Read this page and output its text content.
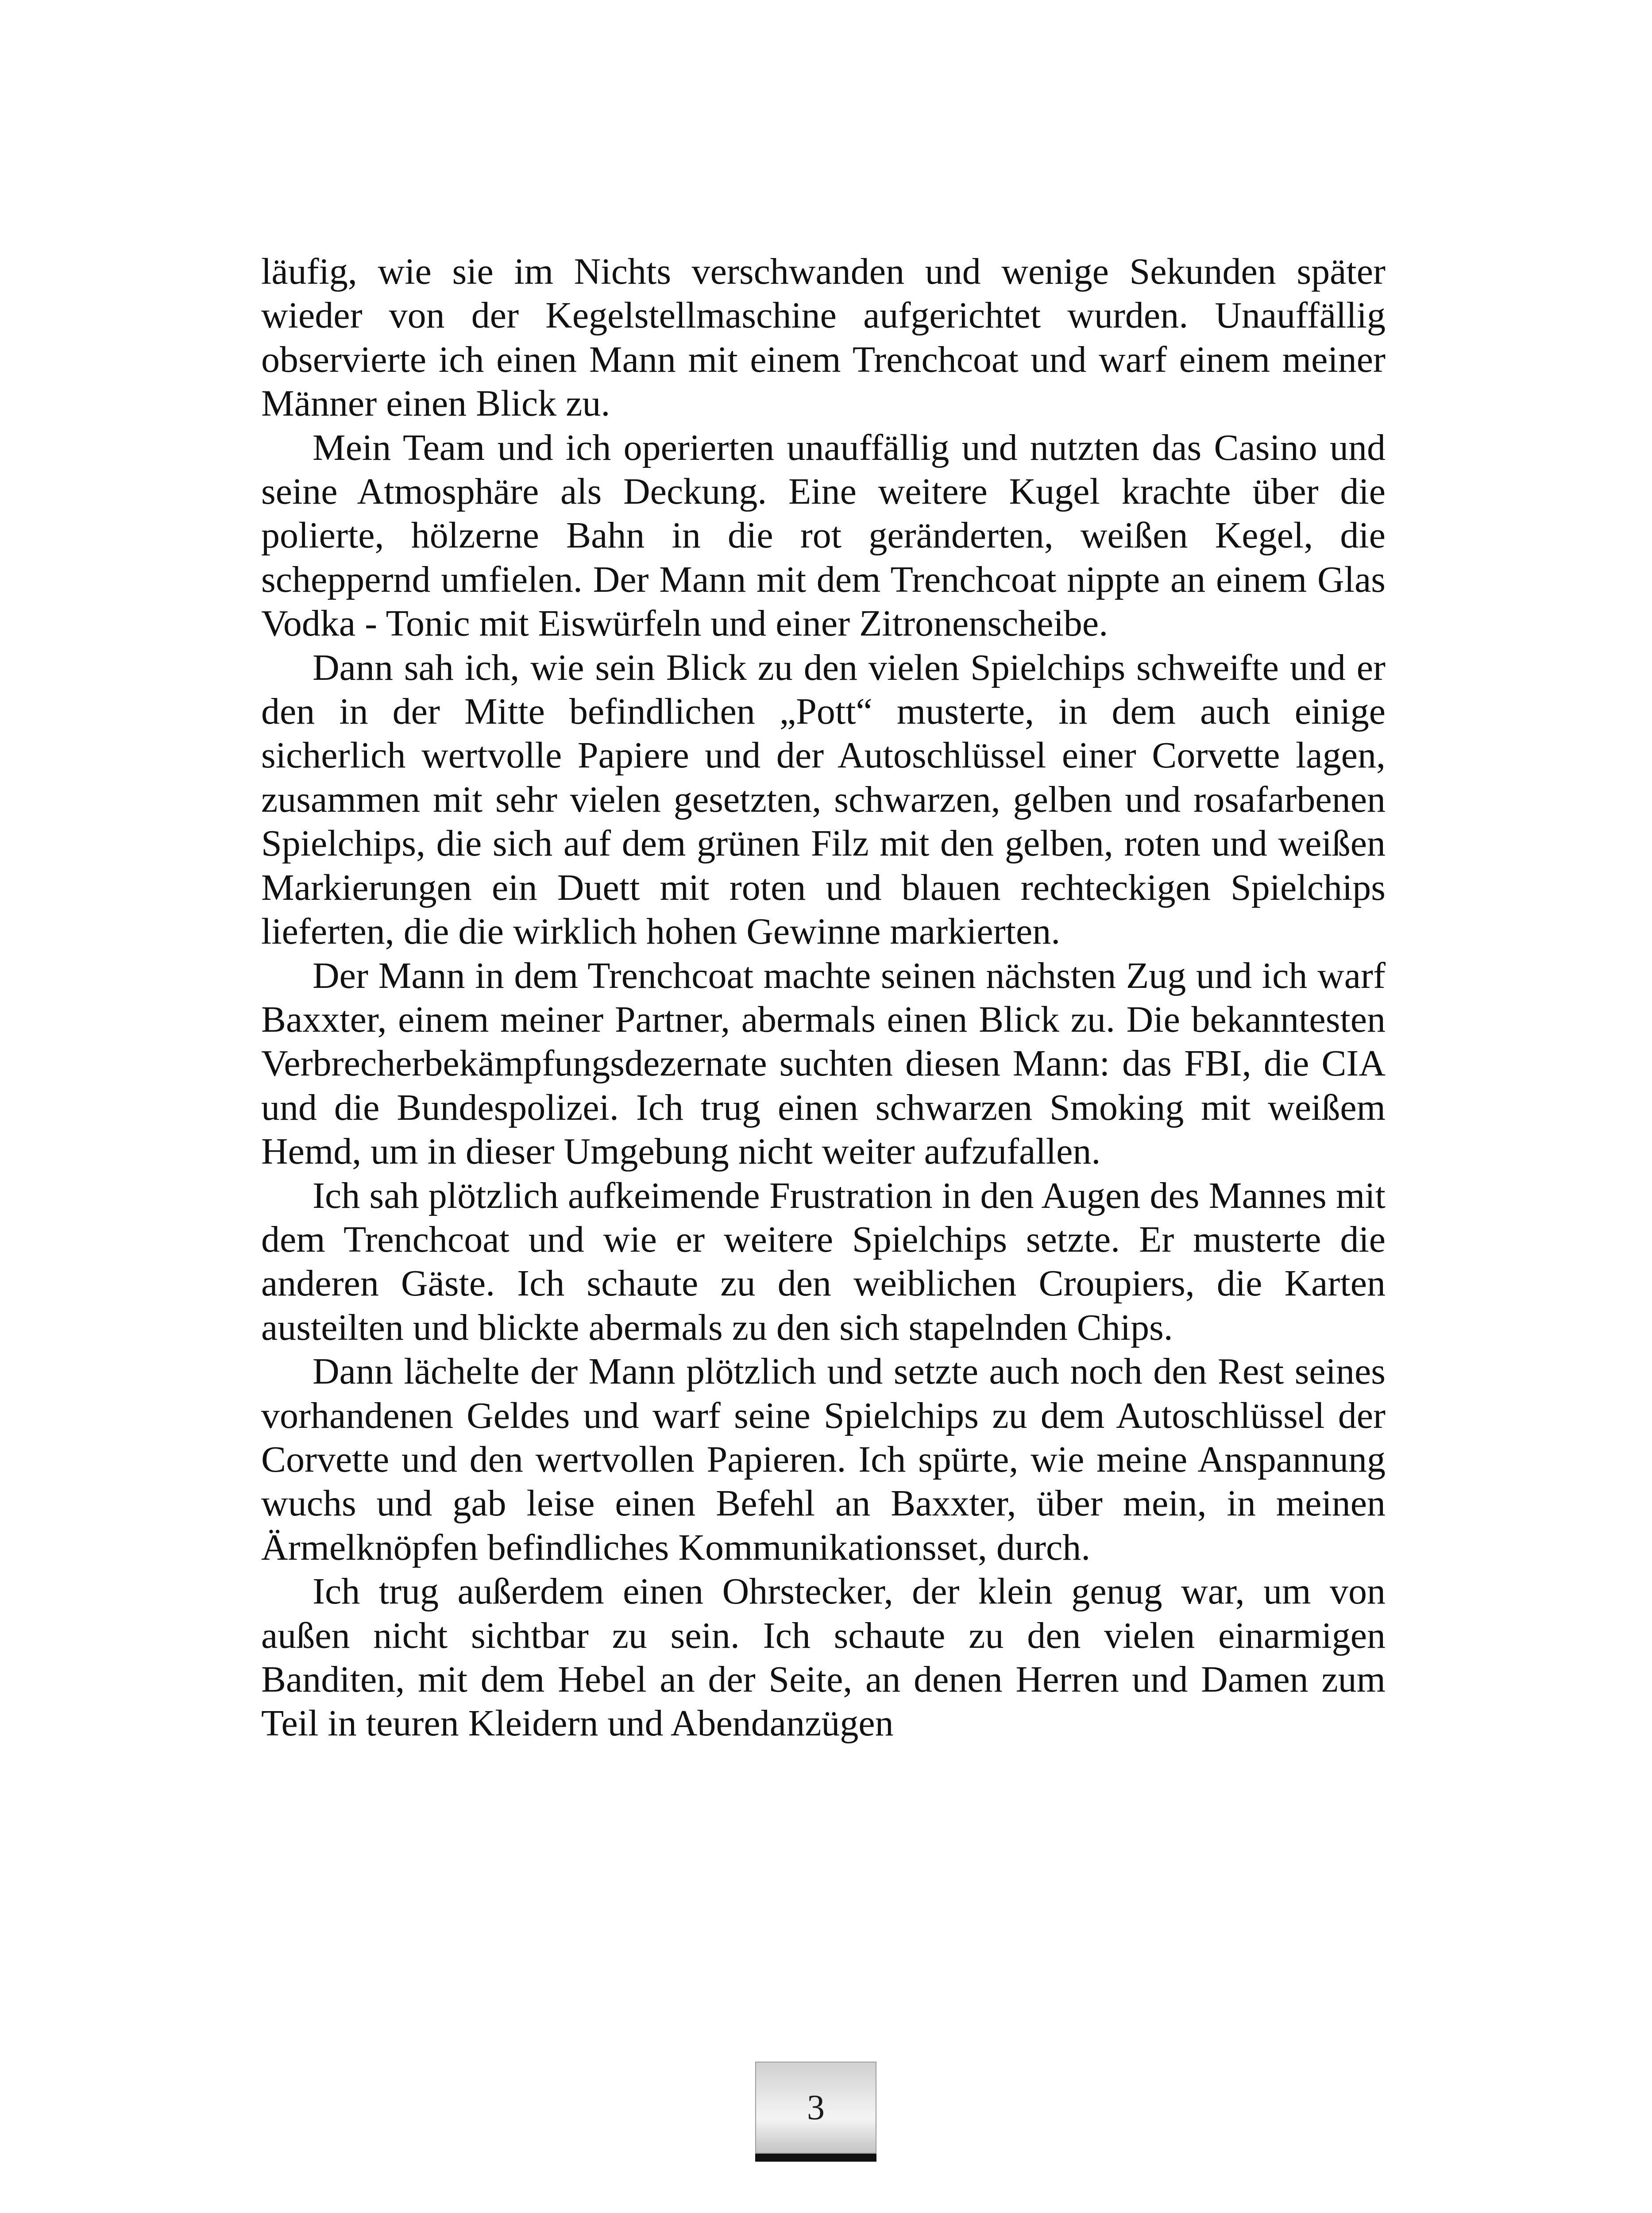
läufig, wie sie im Nichts verschwanden und wenige Sekunden später wieder von der Kegelstellmaschine aufgerichtet wurden. Unauffällig observierte ich einen Mann mit einem Trenchcoat und warf einem meiner Männer einen Blick zu.

Mein Team und ich operierten unauffällig und nutzten das Casino und seine Atmosphäre als Deckung. Eine weitere Kugel krachte über die polierte, hölzerne Bahn in die rot geränderten, weißen Kegel, die scheppernd umfielen. Der Mann mit dem Trenchcoat nippte an einem Glas Vodka - Tonic mit Eiswürfeln und einer Zitronenscheibe.

Dann sah ich, wie sein Blick zu den vielen Spielchips schweifte und er den in der Mitte befindlichen „Pott“ musterte, in dem auch einige sicherlich wertvolle Papiere und der Autoschlüssel einer Corvette lagen, zusammen mit sehr vielen gesetzten, schwarzen, gelben und rosafarbenen Spielchips, die sich auf dem grünen Filz mit den gelben, roten und weißen Markierungen ein Duett mit roten und blauen rechteckigen Spielchips lieferten, die die wirklich hohen Gewinne markierten.

Der Mann in dem Trenchcoat machte seinen nächsten Zug und ich warf Baxxter, einem meiner Partner, abermals einen Blick zu. Die bekanntesten Verbrecherbekämpfungsdezernate suchten diesen Mann: das FBI, die CIA und die Bundespolizei. Ich trug einen schwarzen Smoking mit weißem Hemd, um in dieser Umgebung nicht weiter aufzufallen.

Ich sah plötzlich aufkeimende Frustration in den Augen des Mannes mit dem Trenchcoat und wie er weitere Spielchips setzte. Er musterte die anderen Gäste. Ich schaute zu den weiblichen Croupiers, die Karten austeilten und blickte abermals zu den sich stapelnden Chips.

Dann lächelte der Mann plötzlich und setzte auch noch den Rest seines vorhandenen Geldes und warf seine Spielchips zu dem Autoschlüssel der Corvette und den wertvollen Papieren. Ich spürte, wie meine Anspannung wuchs und gab leise einen Befehl an Baxxter, über mein, in meinen Ärmelknöpfen befindliches Kommunikationsset, durch.

Ich trug außerdem einen Ohrstecker, der klein genug war, um von außen nicht sichtbar zu sein. Ich schaute zu den vielen einarmigen Banditen, mit dem Hebel an der Seite, an denen Herren und Damen zum Teil in teuren Kleidern und Abendanzügen

3
